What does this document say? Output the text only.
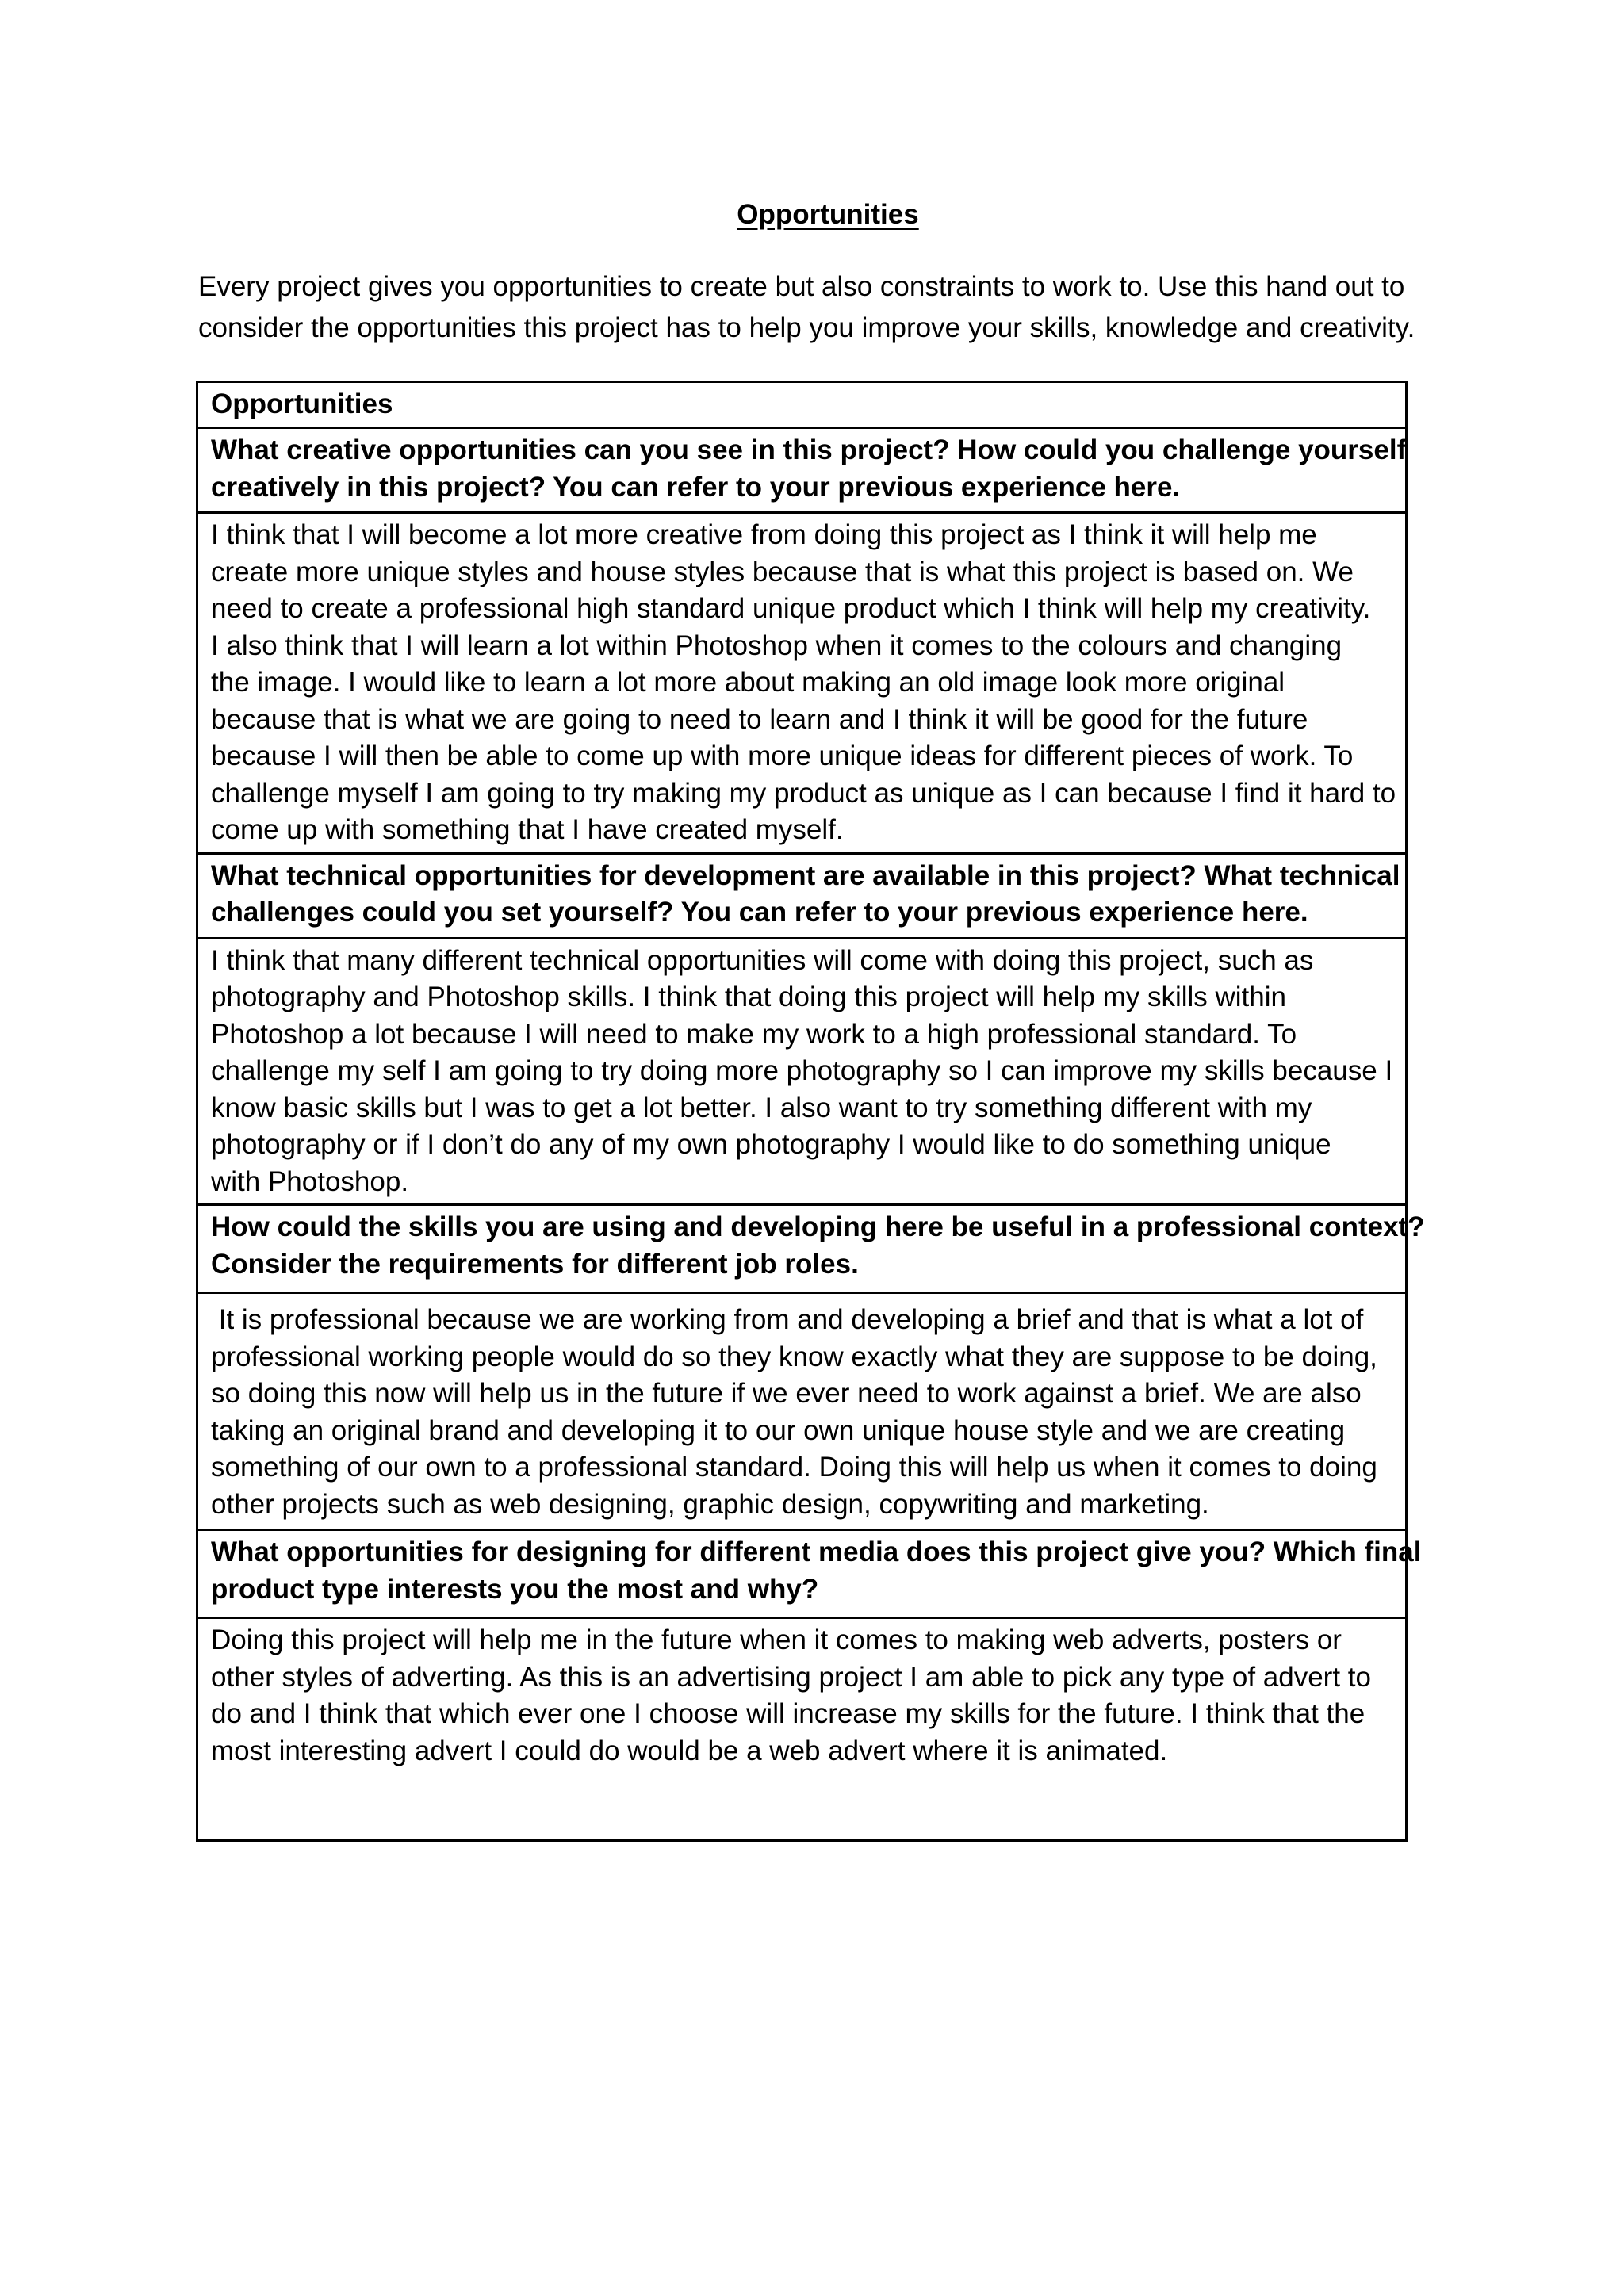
Opportunities

Every project gives you opportunities to create but also constraints to work to. Use this hand out to

consider the opportunities this project has to help you improve your skills, knowledge and creativity.

Opportunities

What creative opportunities can you see in this project? How could you challenge yourself

creatively in this project? You can refer to your previous experience here.

I think that I will become a lot more creative from doing this project as I think it will help me

create more unique styles and house styles because that is what this project is based on. We

need to create a professional high standard unique product which I think will help my creativity.

I also think that I will learn a lot within Photoshop when it comes to the colours and changing

the image. I would like to learn a lot more about making an old image look more original

because that is what we are going to need to learn and I think it will be good for the future

because I will then be able to come up with more unique ideas for different pieces of work. To

challenge myself I am going to try making my product as unique as I can because I find it hard to

come up with something that I have created myself.

What technical opportunities for development are available in this project? What technical

challenges could you set yourself? You can refer to your previous experience here.

I think that many different technical opportunities will come with doing this project, such as

photography and Photoshop skills. I think that doing this project will help my skills within

Photoshop a lot because I will need to make my work to a high professional standard. To

challenge my self I am going to try doing more photography so I can improve my skills because I

know basic skills but I was to get a lot better. I also want to try something different with my

photography or if I don’t do any of my own photography I would like to do something unique

with Photoshop.

How could the skills you are using and developing here be useful in a professional context?

Consider the requirements for different job roles.

It is professional because we are working from and developing a brief and that is what a lot of

professional working people would do so they know exactly what they are suppose to be doing,

so doing this now will help us in the future if we ever need to work against a brief. We are also

taking an original brand and developing it to our own unique house style and we are creating

something of our own to a professional standard. Doing this will help us when it comes to doing

other projects such as web designing, graphic design, copywriting and marketing.

What opportunities for designing for different media does this project give you? Which final

product type interests you the most and why?

Doing this project will help me in the future when it comes to making web adverts, posters or

other styles of adverting. As this is an advertising project I am able to pick any type of advert to

do and I think that which ever one I choose will increase my skills for the future. I think that the

most interesting advert I could do would be a web advert where it is animated.
